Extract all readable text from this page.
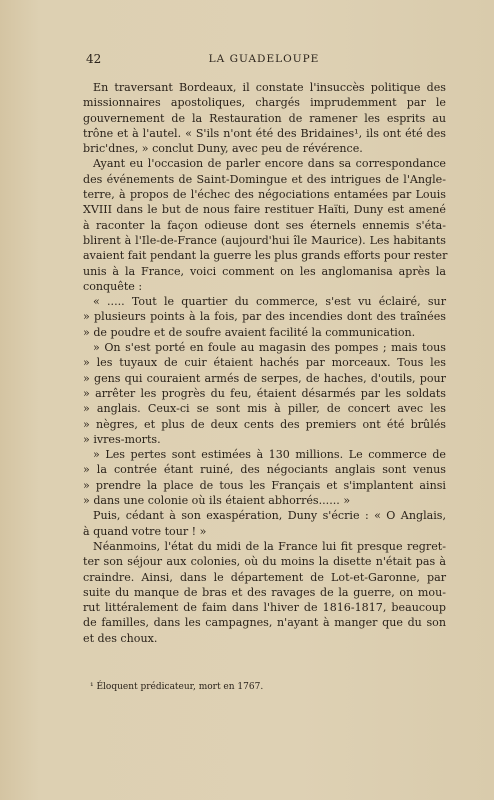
42	LA GUADELOUPE
En traversant Bordeaux, il constate l'insuccès politique des
missionnaires apostoliques, chargés imprudemment par le
gouvernement de la Restauration de ramener les esprits au
trône et à l'autel. « S'ils n'ont été des Bridaines¹, ils ont été des
bric'dnes, » conclut Duny, avec peu de révérence.
Ayant eu l'occasion de parler encore dans sa correspondance
des événements de Saint-Domingue et des intrigues de l'Angle-
terre, à propos de l'échec des négociations entamées par Louis
XVIII dans le but de nous faire restituer Haïti, Duny est amené
à raconter la façon odieuse dont ses éternels ennemis s'éta-
blirent à l'Ile-de-France (aujourd'hui île Maurice). Les habitants
avaient fait pendant la guerre les plus grands efforts pour rester
unis à la France, voici comment on les anglomanisa après la
conquête :
« ..... Tout le quartier du commerce, s'est vu éclairé, sur
» plusieurs points à la fois, par des incendies dont des traînées
» de poudre et de soufre avaient facilité la communication.
» On s'est porté en foule au magasin des pompes ; mais tous
» les tuyaux de cuir étaient hachés par morceaux. Tous les
» gens qui couraient armés de serpes, de haches, d'outils, pour
» arrêter les progrès du feu, étaient désarmés par les soldats
» anglais. Ceux-ci se sont mis à piller, de concert avec les
» nègres, et plus de deux cents des premiers ont été brûlés
» ivres-morts.
» Les pertes sont estimées à 130 millions. Le commerce de
» la contrée étant ruiné, des négociants anglais sont venus
» prendre la place de tous les Français et s'implantent ainsi
» dans une colonie où ils étaient abhorrés...... »
Puis, cédant à son exaspération, Duny s'écrie : « O Anglais,
à quand votre tour ! »
Néanmoins, l'état du midi de la France lui fit presque regret-
ter son séjour aux colonies, où du moins la disette n'était pas à
craindre. Ainsi, dans le département de Lot-et-Garonne, par
suite du manque de bras et des ravages de la guerre, on mou-
rut littéralement de faim dans l'hiver de 1816-1817, beaucoup
de familles, dans les campagnes, n'ayant à manger que du son
et des choux.
¹ Éloquent prédicateur, mort en 1767.
